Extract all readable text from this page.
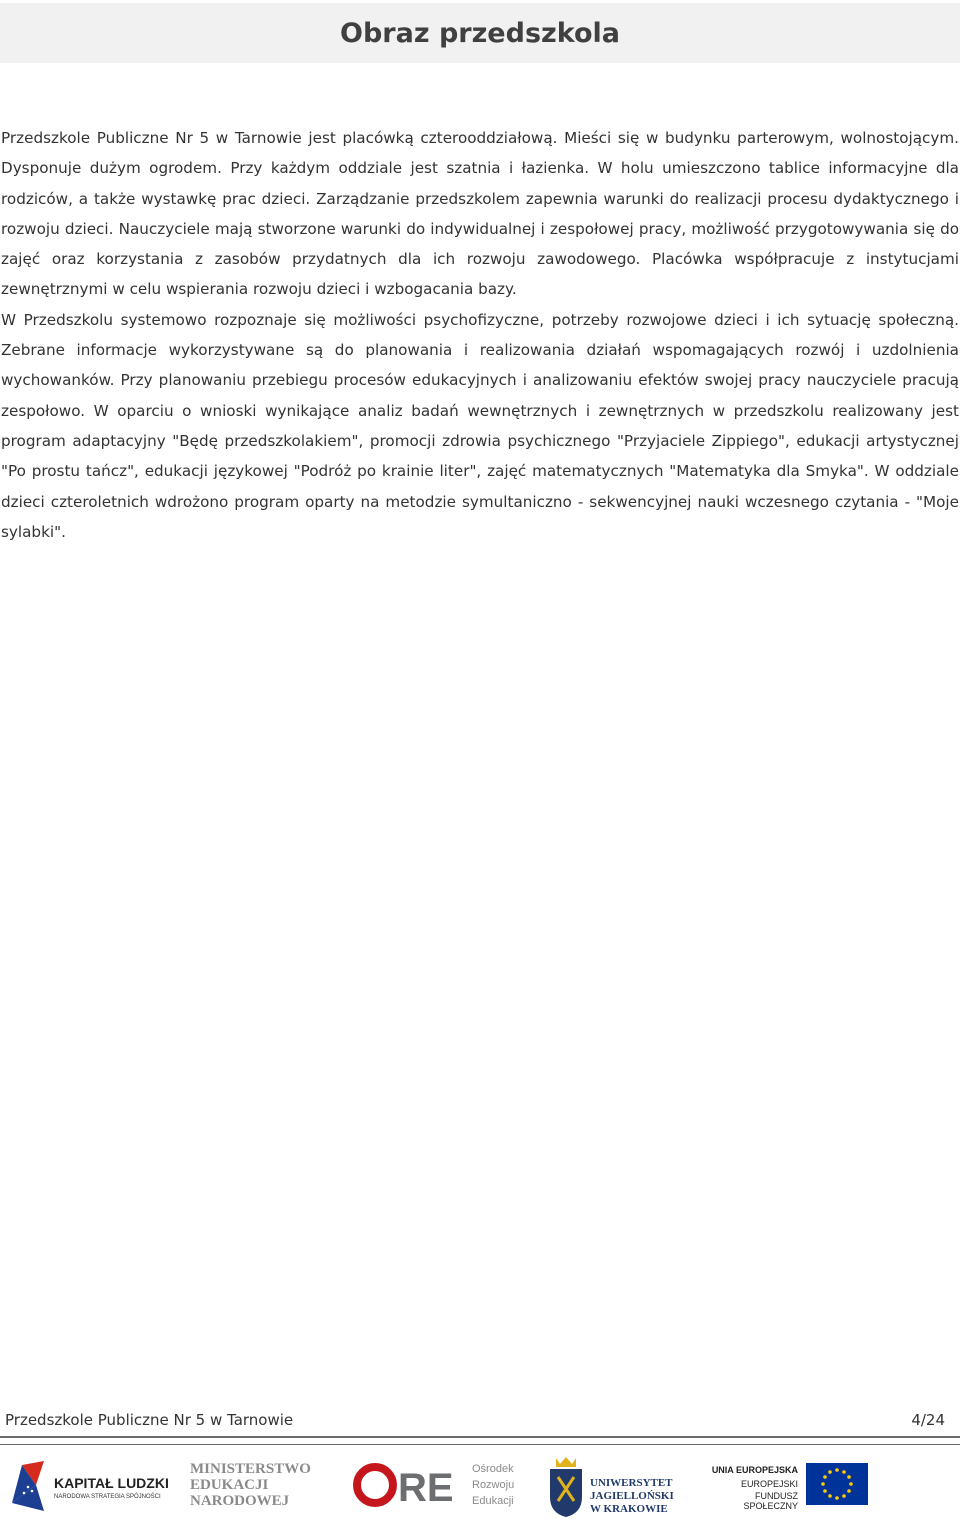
Obraz przedszkola

Przedszkole Publiczne Nr 5 w Tarnowie jest placówką czterooddziałową. Mieści się w budynku parterowym, wolnostojącym. Dysponuje dużym ogrodem. Przy każdym oddziale jest szatnia i łazienka. W holu umieszczono tablice informacyjne dla rodziców, a także wystawkę prac dzieci. Zarządzanie przedszkolem zapewnia warunki do realizacji procesu dydaktycznego i rozwoju dzieci. Nauczyciele mają stworzone warunki do indywidualnej i zespołowej pracy, możliwość przygotowywania się do zajęć oraz korzystania z zasobów przydatnych dla ich rozwoju zawodowego. Placówka współpracuje z instytucjami zewnętrznymi w celu wspierania rozwoju dzieci i wzbogacania bazy.

W Przedszkolu systemowo rozpoznaje się możliwości psychofizyczne, potrzeby rozwojowe dzieci i ich sytuację społeczną. Zebrane informacje wykorzystywane są do planowania i realizowania działań wspomagających rozwój i uzdolnienia wychowanków. Przy planowaniu przebiegu procesów edukacyjnych i analizowaniu efektów swojej pracy nauczyciele pracują zespołowo. W oparciu o wnioski wynikające analiz badań wewnętrznych i zewnętrznych w przedszkolu realizowany jest program adaptacyjny "Będę przedszkolakiem", promocji zdrowia psychicznego "Przyjaciele Zippiego", edukacji artystycznej "Po prostu tańcz", edukacji językowej "Podróż po krainie liter", zajęć matematycznych "Matematyka dla Smyka". W oddziale dzieci czteroletnich wdrożono program oparty na metodzie symultaniczno - sekwencyjnej nauki wczesnego czytania - "Moje sylabki".

Przedszkole Publiczne Nr 5 w Tarnowie	4/24
KAPITAŁ LUDZKI
NARODOWA STRATEGIA SPÓJNOŚCI
MINISTERSTWO
EDUKACJI
NARODOWEJ	RE Ośrodek
Rozwoju
Edukacji
UNIWERSYTET
JAGIELLOŃSKI
W KRAKOWIE
UNIA EUROPEJSKA
EUROPEJSKI
FUNDUSZ SPOŁECZNY
